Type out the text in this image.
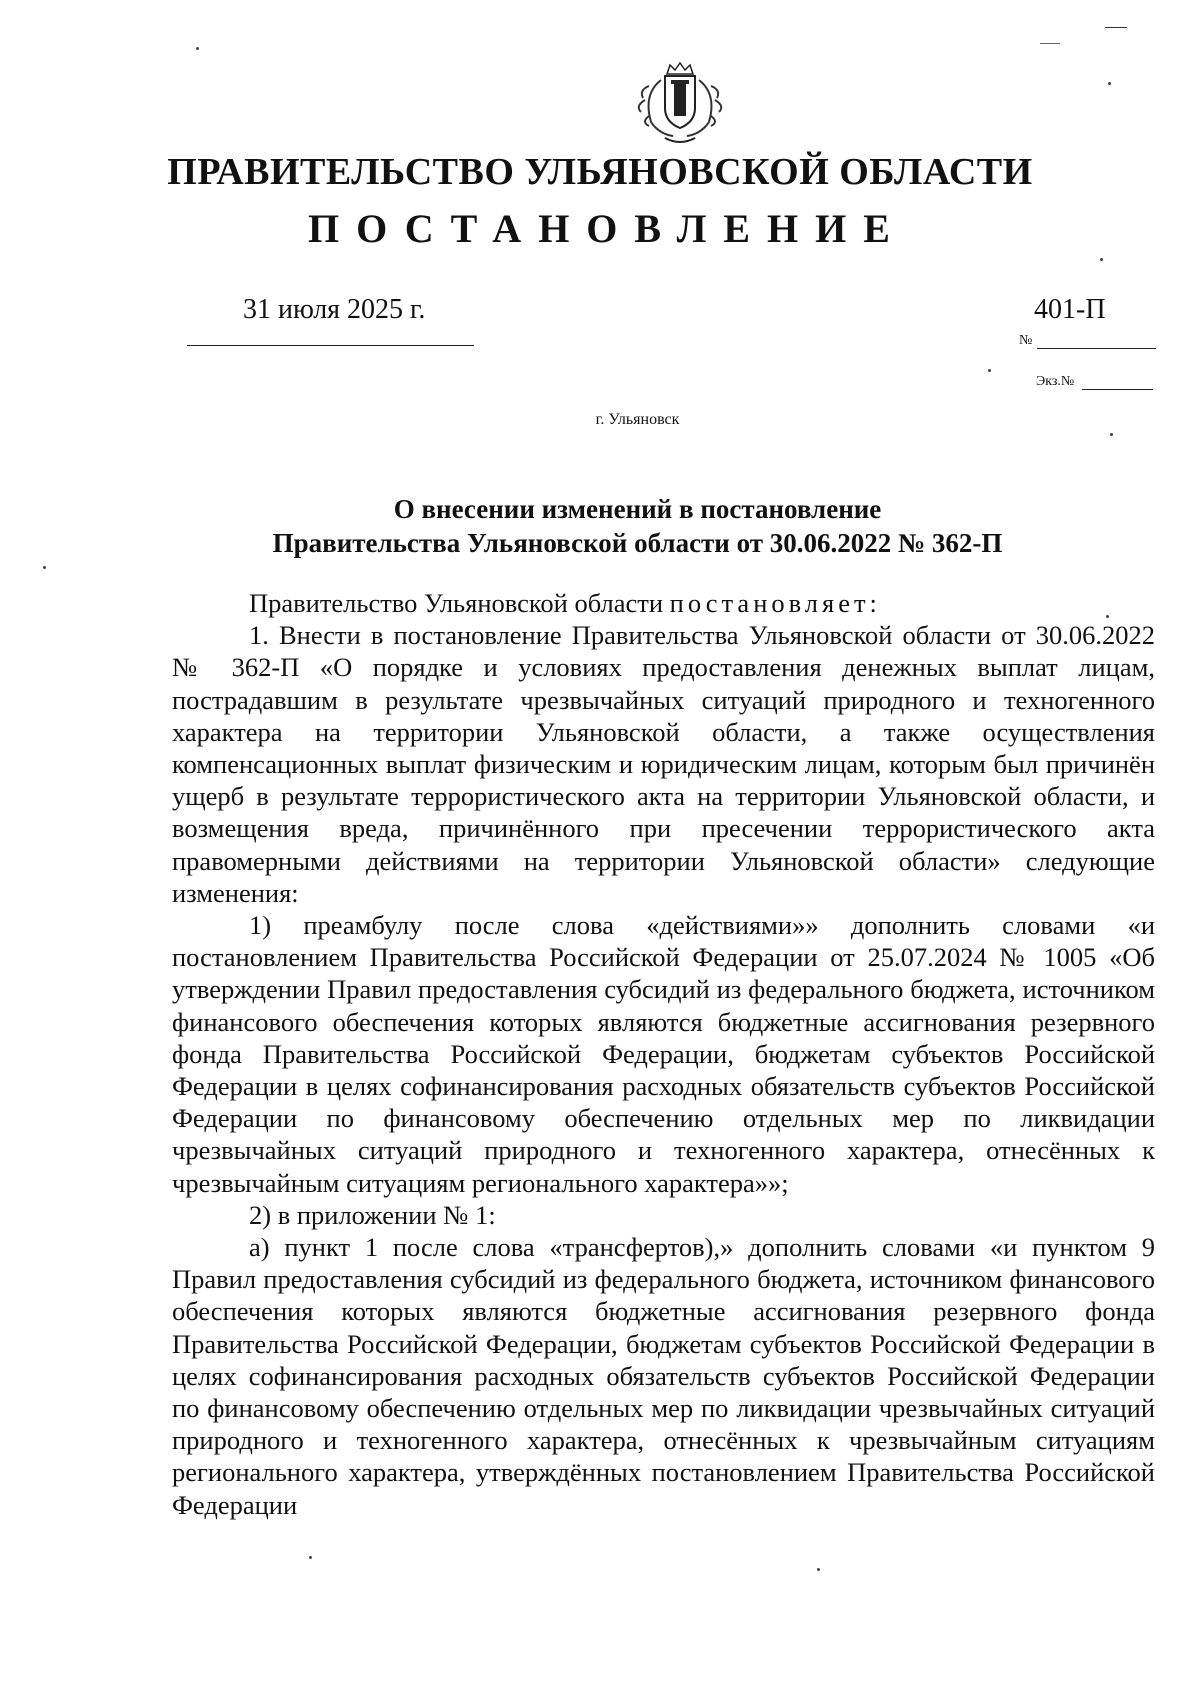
ПРАВИТЕЛЬСТВО УЛЬЯНОВСКОЙ ОБЛАСТИ
ПОСТАНОВЛЕНИЕ
31 июля 2025 г.	401-П
№
Экз.№
г. Ульяновск
О внесении изменений в постановление
Правительства Ульяновской области от 30.06.2022 № 362-П

Правительство Ульяновской области постановляет:

1. Внести в постановление Правительства Ульяновской области от 30.06.2022 № 362-П «О порядке и условиях предоставления денежных выплат лицам, пострадавшим в результате чрезвычайных ситуаций природного и техногенного характера на территории Ульяновской области, а также осуществления компенсационных выплат физическим и юридическим лицам, которым был причинён ущерб в результате террористического акта на территории Ульяновской области, и возмещения вреда, причинённого при пресечении террористического акта правомерными действиями на территории Ульяновской области» следующие изменения:

1) преамбулу после слова «действиями»» дополнить словами «и постановлением Правительства Российской Федерации от 25.07.2024 № 1005 «Об утверждении Правил предоставления субсидий из федерального бюджета, источником финансового обеспечения которых являются бюджетные ассигнования резервного фонда Правительства Российской Федерации, бюджетам субъектов Российской Федерации в целях софинансирования расходных обязательств субъектов Российской Федерации по финансовому обеспечению отдельных мер по ликвидации чрезвычайных ситуаций природного и техногенного характера, отнесённых к чрезвычайным ситуациям регионального характера»»;

2) в приложении № 1:

а) пункт 1 после слова «трансфертов),» дополнить словами «и пунктом 9 Правил предоставления субсидий из федерального бюджета, источником финансового обеспечения которых являются бюджетные ассигнования резервного фонда Правительства Российской Федерации, бюджетам субъектов Российской Федерации в целях софинансирования расходных обязательств субъектов Российской Федерации по финансовому обеспечению отдельных мер по ликвидации чрезвычайных ситуаций природного и техногенного характера, отнесённых к чрезвычайным ситуациям регионального характера, утверждённых постановлением Правительства Российской Федерации
